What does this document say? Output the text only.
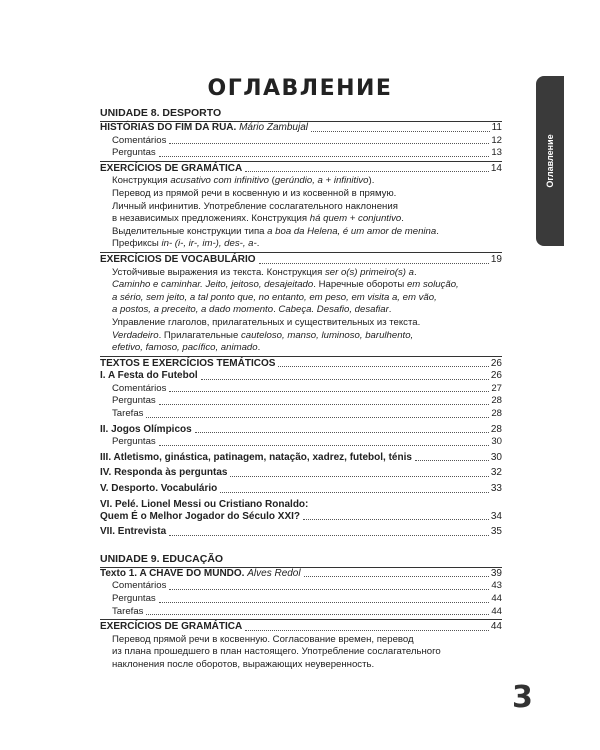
ОГЛАВЛЕНИЕ
Оглавление
UNIDADE 8. DESPORTO
HISTÓRIAS DO FIM DA RUA. Mário Zambujal	11
Comentários	12
Perguntas	13
EXERCÍCIOS DE GRAMÁTICA	14
Конструкция acusativo com infinitivo (gerúndio, a + infinitivo).
Перевод из прямой речи в косвенную и из косвенной в прямую.
Личный инфинитив. Употребление сослагательного наклонения
в независимых предложениях. Конструкция há quem + conjuntivo.
Выделительные конструкции типа a boa da Helena, é um amor de menina.
Префиксы in- (i-, ir-, im-), des-, a-.
EXERCÍCIOS DE VOCABULÁRIO	19
Устойчивые выражения из текста. Конструкция ser o(s) primeiro(s) a.
Caminho e caminhar. Jeito, jeitoso, desajeitado. Наречные обороты em solução,
a sério, sem jeito, a tal ponto que, no entanto, em peso, em visita a, em vão,
a postos, a preceito, a dado momento. Cabeça. Desafio, desafiar.
Управление глаголов, прилагательных и существительных из текста.
Verdadeiro. Прилагательные cauteloso, manso, luminoso, barulhento,
efetivo, famoso, pacífico, animado.
TEXTOS E EXERCÍCIOS TEMÁTICOS	26
I. A Festa do Futebol	26
Comentários	27
Perguntas	28
Tarefas	28
II. Jogos Olímpicos	28
Perguntas	30
III. Atletismo, ginástica, patinagem, natação, xadrez, futebol, ténis	30
IV. Responda às perguntas	32
V. Desporto. Vocabulário	33
VI. Pelé. Lionel Messi ou Cristiano Ronaldo:
Quem É o Melhor Jogador do Século XXI?	34
VII. Entrevista	35
UNIDADE 9. EDUCAÇÃO
Texto 1. A CHAVE DO MUNDO. Alves Redol	39
Comentários	43
Perguntas	44
Tarefas	44
EXERCÍCIOS DE GRAMÁTICA	44
Перевод прямой речи в косвенную. Согласование времен, перевод
из плана прошедшего в план настоящего. Употребление сослагательного
наклонения после оборотов, выражающих неуверенность.
3
